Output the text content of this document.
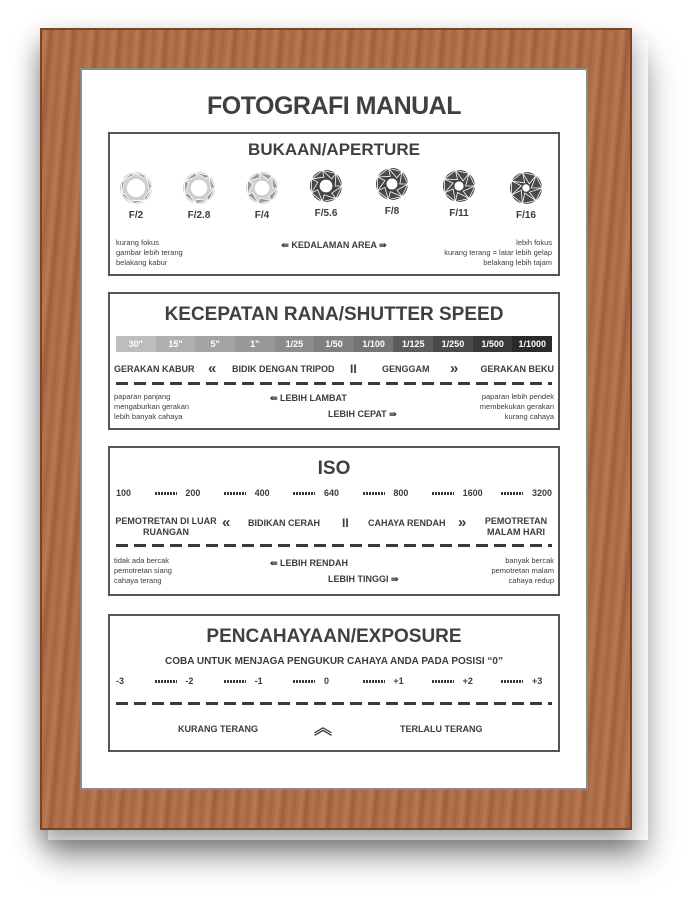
FOTOGRAFI MANUAL
BUKAAN/APERTURE
F/2	F/2.8	F/4	F/5.6	F/8	F/11	F/16
kurang fokus
gambar lebih terang
belakang kabur
⇚ KEDALAMAN AREA ⇛	lebih fokus
kurang terang = latar lebih gelap
belakang lebih tajam
KECEPATAN RANA/SHUTTER SPEED
30"	15"	5"	1"	1/25	1/50	1/100	1/125	1/250	1/500	1/1000
GERAKAN KABUR « BIDIK DENGAN TRIPOD II	GENGGAM » GERAKAN BEKU
paparan panjang
mengaburkan gerakan
lebih banyak cahaya
⇚ LEBIH LAMBAT
LEBIH CEPAT ⇛
paparan lebih pendek
membekukan gerakan
kurang cahaya
ISO
100	200	400	640	800	1600	3200
PEMOTRETAN DI LUAR RUANGAN
« BIDIKAN CERAH II CAHAYA RENDAH »	PEMOTRETAN MALAM HARI
tidak ada bercak
pemotretan siang
cahaya terang
⇚ LEBIH RENDAH
LEBIH TINGGI ⇛
banyak bercak
pemotretan malam
cahaya redup
PENCAHAYAAN/EXPOSURE
COBA UNTUK MENJAGA PENGUKUR CAHAYA ANDA PADA POSISI “0”
-3	-2	-1	0	+1	+2	+3
KURANG TERANG	︽	TERLALU TERANG
